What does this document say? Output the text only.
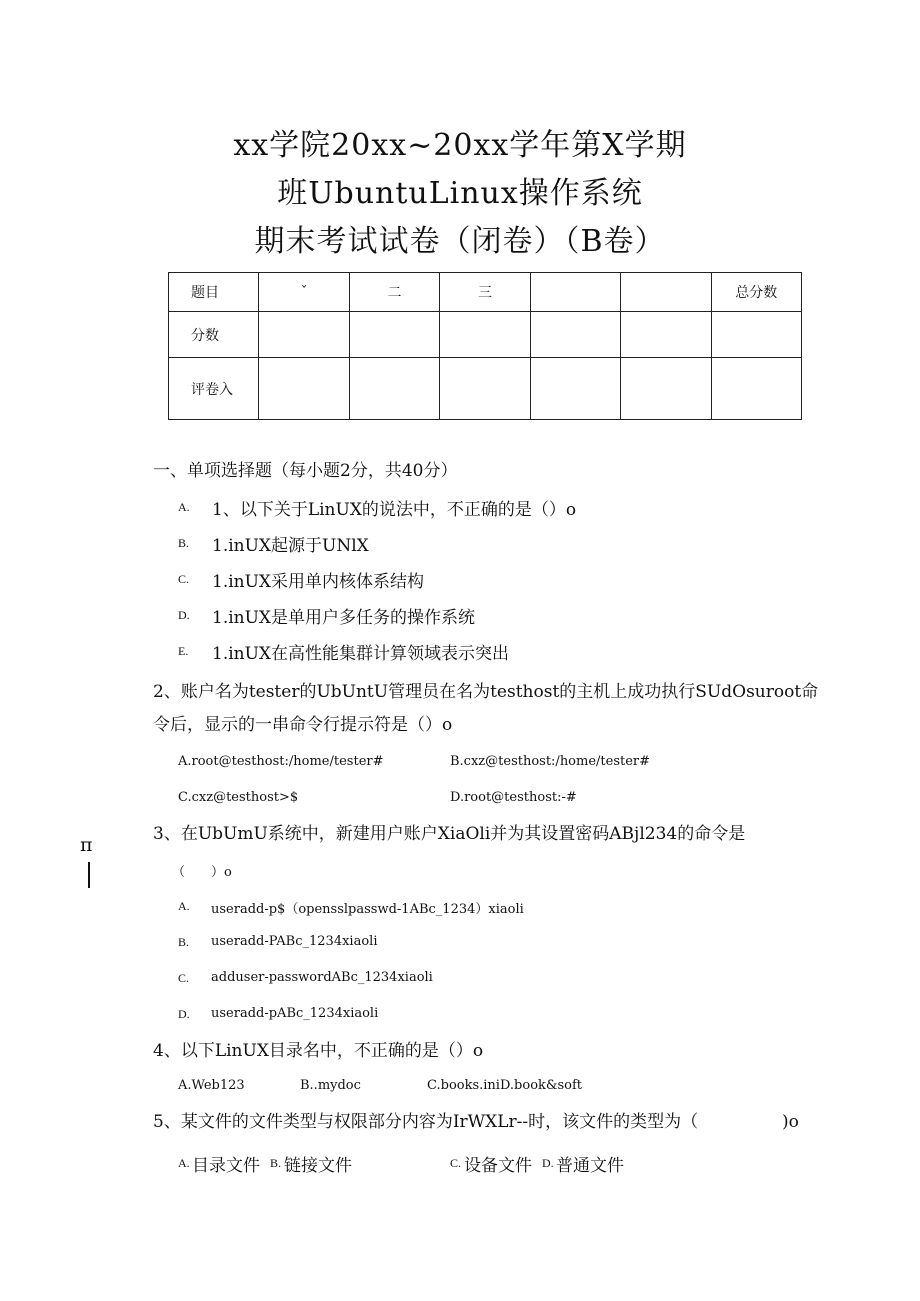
xx学院20xx~20xx学年第X学期
班UbuntuLinux操作系统
期末考试试卷（闭卷）（B卷）
题目	ˇ	二	三			总分数
分数						
评卷入						
一、单项选择题（每小题2分，共40分）
A. 1、以下关于LinUX的说法中，不正确的是（）o
B. 1.inUX起源于UNlX
C. 1.inUX采用单内核体系结构
D. 1.inUX是单用户多任务的操作系统
E. 1.inUX在高性能集群计算领域表示突出
2、账户名为tester的UbUntU管理员在名为testhost的主机上成功执行SUdOsuroot命
令后，显示的一串命令行提示符是（）o
A.root@testhost:/home/tester#	B.cxz@testhost:/home/tester#
C.cxz@testhost>$	D.root@testhost:-#
3、在UbUmU系统中，新建用户账户XiaOli并为其设置密码ABjl234的命令是
（　　）o
A. useradd-p$（opensslpasswd-1ABc_1234）xiaoli
B. useradd-PABc_1234xiaoli
C. adduser-passwordABc_1234xiaoli
D. useradd-pABc_1234xiaoli
π
4、以下LinUX目录名中，不正确的是（）o
A.Web123	B..mydoc	C.books.iniD.book&soft
5、某文件的文件类型与权限部分内容为IrWXLr--时，该文件的类型为（	)o
A. 目录文件 B. 链接文件	C. 设备文件 D. 普通文件
